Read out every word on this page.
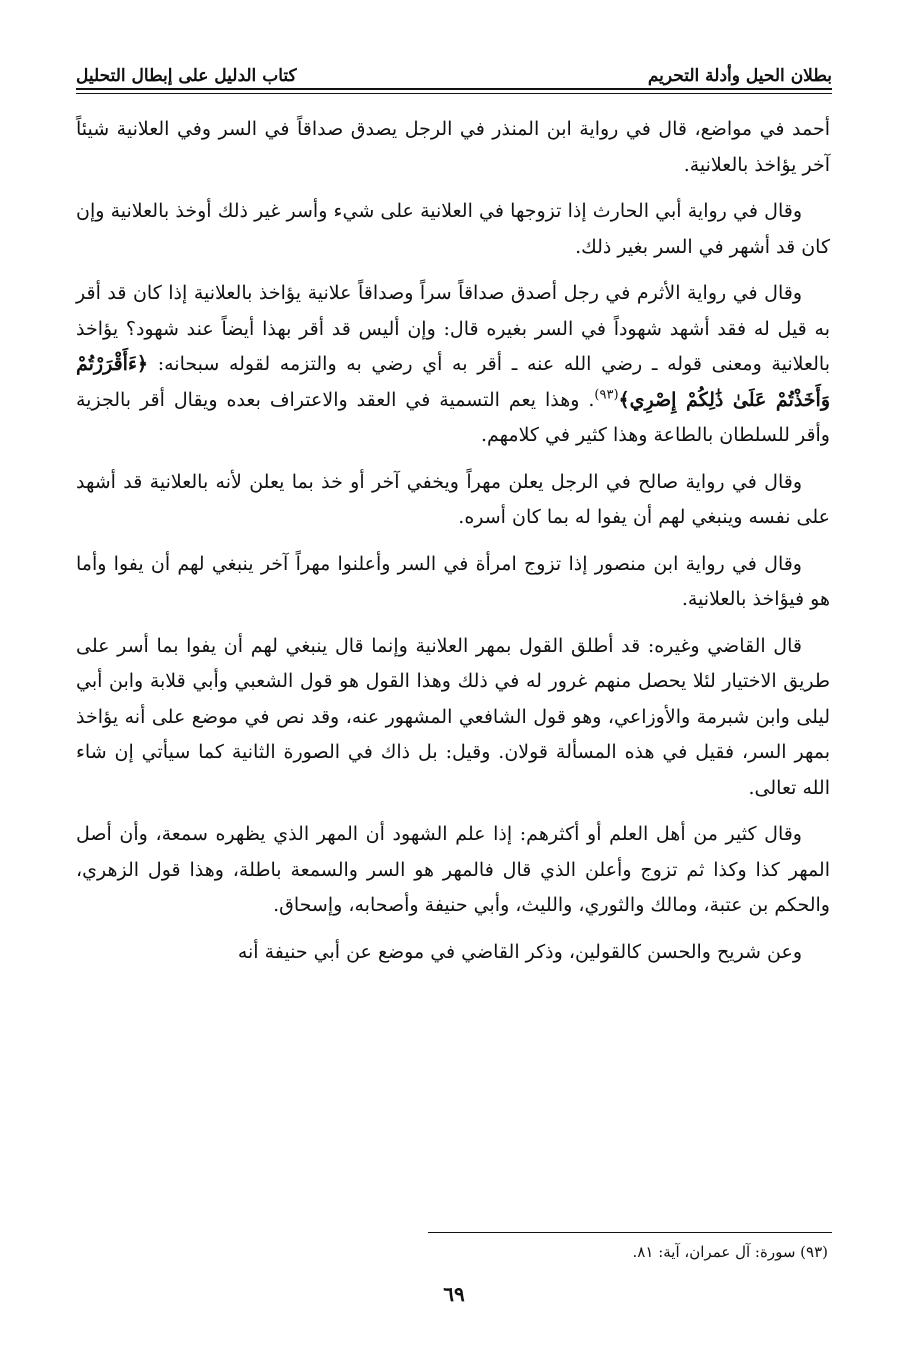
بطلان الحيل وأدلة التحريم
كتاب الدليل على إبطال التحليل

أحمد في مواضع، قال في رواية ابن المنذر في الرجل يصدق صداقاً في السر وفي العلانية شيئاً آخر يؤاخذ بالعلانية.

وقال في رواية أبي الحارث إذا تزوجها في العلانية على شيء وأسر غير ذلك أوخذ بالعلانية وإن كان قد أشهر في السر بغير ذلك.

وقال في رواية الأثرم في رجل أصدق صداقاً سراً وصداقاً علانية يؤاخذ بالعلانية إذا كان قد أقر به قيل له فقد أشهد شهوداً في السر بغيره قال: وإن أليس قد أقر بهذا أيضاً عند شهود؟ يؤاخذ بالعلانية ومعنى قوله ـ رضي الله عنه ـ أقر به أي رضي به والتزمه لقوله سبحانه: ﴿ءَأَقْرَرْتُمْ وَأَخَذْتُمْ عَلَىٰ ذَٰلِكُمْ إِصْرِي﴾$^{(٩٣)}$. وهذا يعم التسمية في العقد والاعتراف بعده ويقال أقر بالجزية وأقر للسلطان بالطاعة وهذا كثير في كلامهم.

وقال في رواية صالح في الرجل يعلن مهراً ويخفي آخر أو خذ بما يعلن لأنه بالعلانية قد أشهد على نفسه وينبغي لهم أن يفوا له بما كان أسره.

وقال في رواية ابن منصور إذا تزوج امرأة في السر وأعلنوا مهراً آخر ينبغي لهم أن يفوا وأما هو فيؤاخذ بالعلانية.

قال القاضي وغيره: قد أطلق القول بمهر العلانية وإنما قال ينبغي لهم أن يفوا بما أسر على طريق الاختيار لئلا يحصل منهم غرور له في ذلك وهذا القول هو قول الشعبي وأبي قلابة وابن أبي ليلى وابن شبرمة والأوزاعي، وهو قول الشافعي المشهور عنه، وقد نص في موضع على أنه يؤاخذ بمهر السر، فقيل في هذه المسألة قولان. وقيل: بل ذاك في الصورة الثانية كما سيأتي إن شاء الله تعالى.

وقال كثير من أهل العلم أو أكثرهم: إذا علم الشهود أن المهر الذي يظهره سمعة، وأن أصل المهر كذا وكذا ثم تزوج وأعلن الذي قال فالمهر هو السر والسمعة باطلة، وهذا قول الزهري، والحكم بن عتبة، ومالك والثوري، والليث، وأبي حنيفة وأصحابه، وإسحاق.

وعن شريح والحسن كالقولين، وذكر القاضي في موضع عن أبي حنيفة أنه

(٩٣) سورة: آل عمران، آية: ٨١.
٦٩
